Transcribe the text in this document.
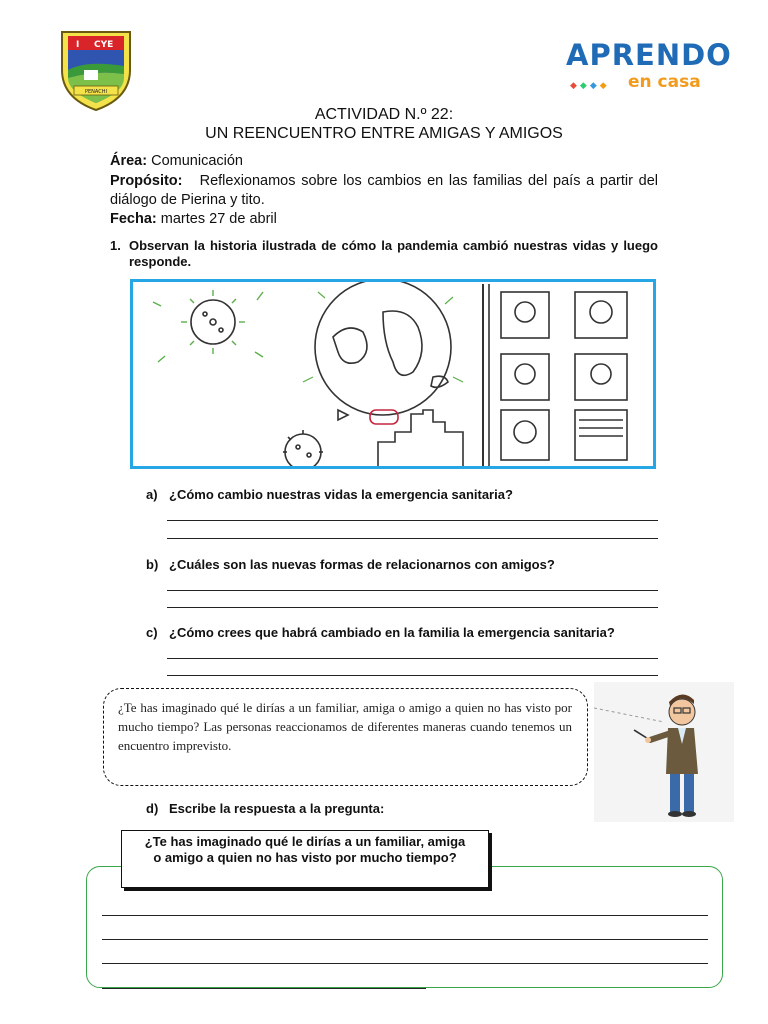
I CYE
PENACHI
APRENDO
◆◆◆◆ en casa
ACTIVIDAD N.º 22:
UN REENCUENTRO ENTRE AMIGAS Y AMIGOS
Área: Comunicación
Propósito: Reflexionamos sobre los cambios en las familias del país a partir del diálogo de Pierina y tito.
Fecha: martes 27 de abril
1. Observan la historia ilustrada de cómo la pandemia cambió nuestras vidas y luego responde.
a) ¿Cómo cambio nuestras vidas la emergencia sanitaria?
b) ¿Cuáles son las nuevas formas de relacionarnos con amigos?
c) ¿Cómo crees que habrá cambiado en la familia la emergencia sanitaria?
¿Te has imaginado qué le dirías a un familiar, amiga o amigo a quien no has visto por mucho tiempo? Las personas reaccionamos de diferentes maneras cuando tenemos un encuentro imprevisto.
d) Escribe la respuesta a la pregunta:
¿Te has imaginado qué le dirías a un familiar, amiga o amigo a quien no has visto por mucho tiempo?
